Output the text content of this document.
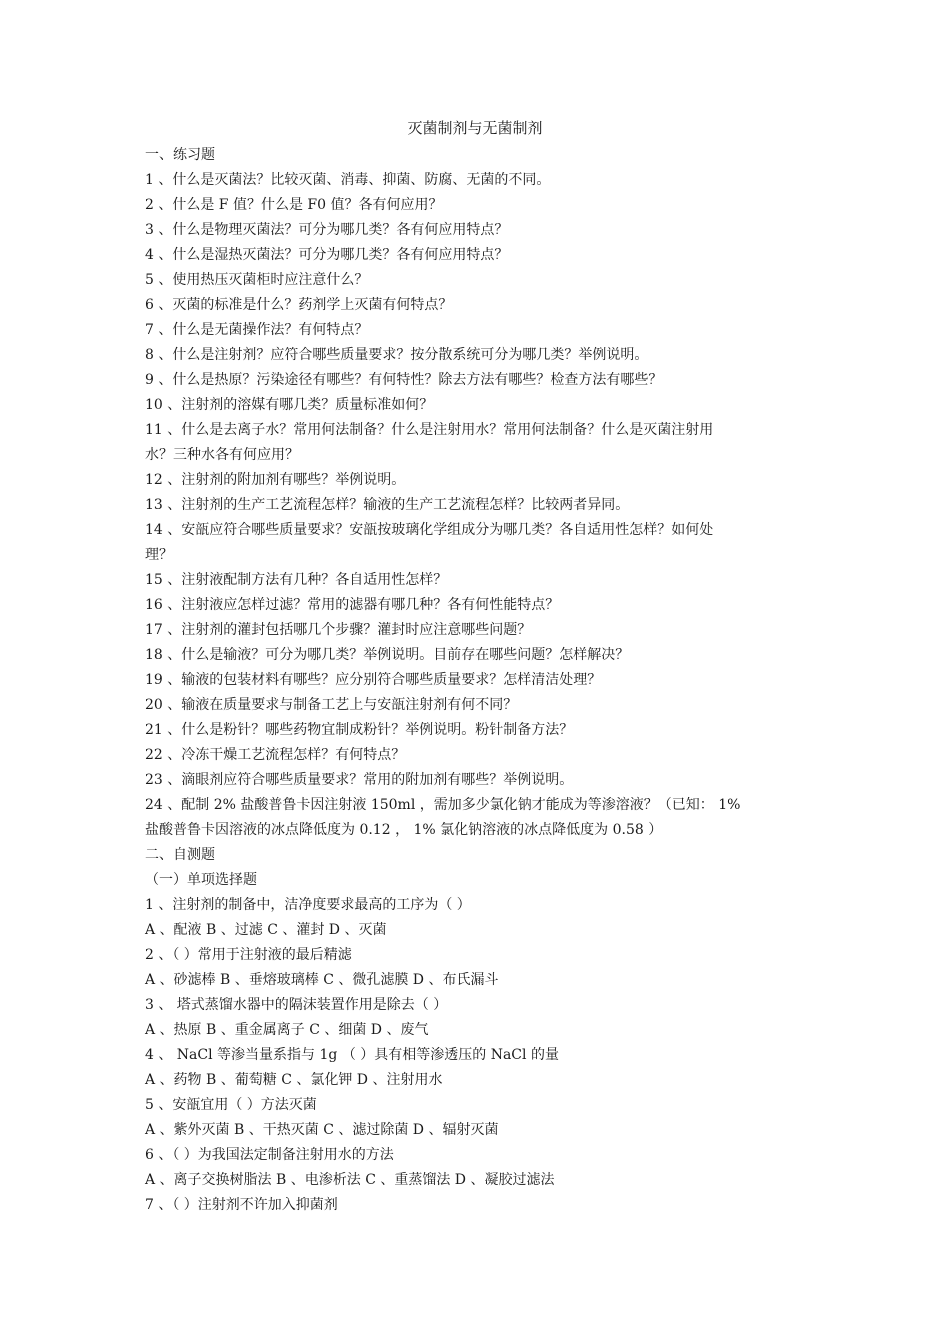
灭菌制剂与无菌制剂
一、练习题
1 、什么是灭菌法？比较灭菌、消毒、抑菌、防腐、无菌的不同。
2 、什么是 F 值？什么是 F0 值？各有何应用？
3 、什么是物理灭菌法？可分为哪几类？各有何应用特点？
4 、什么是湿热灭菌法？可分为哪几类？各有何应用特点？
5 、使用热压灭菌柜时应注意什么？
6 、灭菌的标准是什么？药剂学上灭菌有何特点？
7 、什么是无菌操作法？有何特点？
8 、什么是注射剂？应符合哪些质量要求？按分散系统可分为哪几类？举例说明。
9 、什么是热原？污染途径有哪些？有何特性？除去方法有哪些？检查方法有哪些？
10 、注射剂的溶媒有哪几类？质量标准如何？
11 、什么是去离子水？常用何法制备？什么是注射用水？常用何法制备？什么是灭菌注射用
水？三种水各有何应用？
12 、注射剂的附加剂有哪些？举例说明。
13 、注射剂的生产工艺流程怎样？输液的生产工艺流程怎样？比较两者异同。
14 、安瓿应符合哪些质量要求？安瓿按玻璃化学组成分为哪几类？各自适用性怎样？如何处
理？
15 、注射液配制方法有几种？各自适用性怎样？
16 、注射液应怎样过滤？常用的滤器有哪几种？各有何性能特点？
17 、注射剂的灌封包括哪几个步骤？灌封时应注意哪些问题？
18 、什么是输液？可分为哪几类？举例说明。目前存在哪些问题？怎样解决？
19 、输液的包装材料有哪些？应分别符合哪些质量要求？怎样清洁处理？
20 、输液在质量要求与制备工艺上与安瓿注射剂有何不同？
21 、什么是粉针？哪些药物宜制成粉针？举例说明。粉针制备方法？
22 、冷冻干燥工艺流程怎样？有何特点？
23 、滴眼剂应符合哪些质量要求？常用的附加剂有哪些？举例说明。
24 、配制 2% 盐酸普鲁卡因注射液 150ml ，需加多少氯化钠才能成为等渗溶液？（已知： 1%
盐酸普鲁卡因溶液的冰点降低度为 0.12 ， 1% 氯化钠溶液的冰点降低度为 0.58 ）
二、自测题
（一）单项选择题
1 、注射剂的制备中，洁净度要求最高的工序为（ ）
A 、配液 B 、过滤 C 、灌封 D 、灭菌
2 、（ ）常用于注射液的最后精滤
A 、砂滤棒 B 、垂熔玻璃棒 C 、微孔滤膜 D 、布氏漏斗
3 、 塔式蒸馏水器中的隔沫装置作用是除去（ ）
A 、热原 B 、重金属离子 C 、细菌 D 、废气
4 、 NaCl 等渗当量系指与 1g （ ）具有相等渗透压的 NaCl 的量
A 、药物 B 、葡萄糖 C 、氯化钾 D 、注射用水
5 、安瓿宜用（ ）方法灭菌
A 、紫外灭菌 B 、干热灭菌 C 、滤过除菌 D 、辐射灭菌
6 、（ ）为我国法定制备注射用水的方法
A 、离子交换树脂法 B 、电渗析法 C 、重蒸馏法 D 、凝胶过滤法
7 、（ ）注射剂不许加入抑菌剂
